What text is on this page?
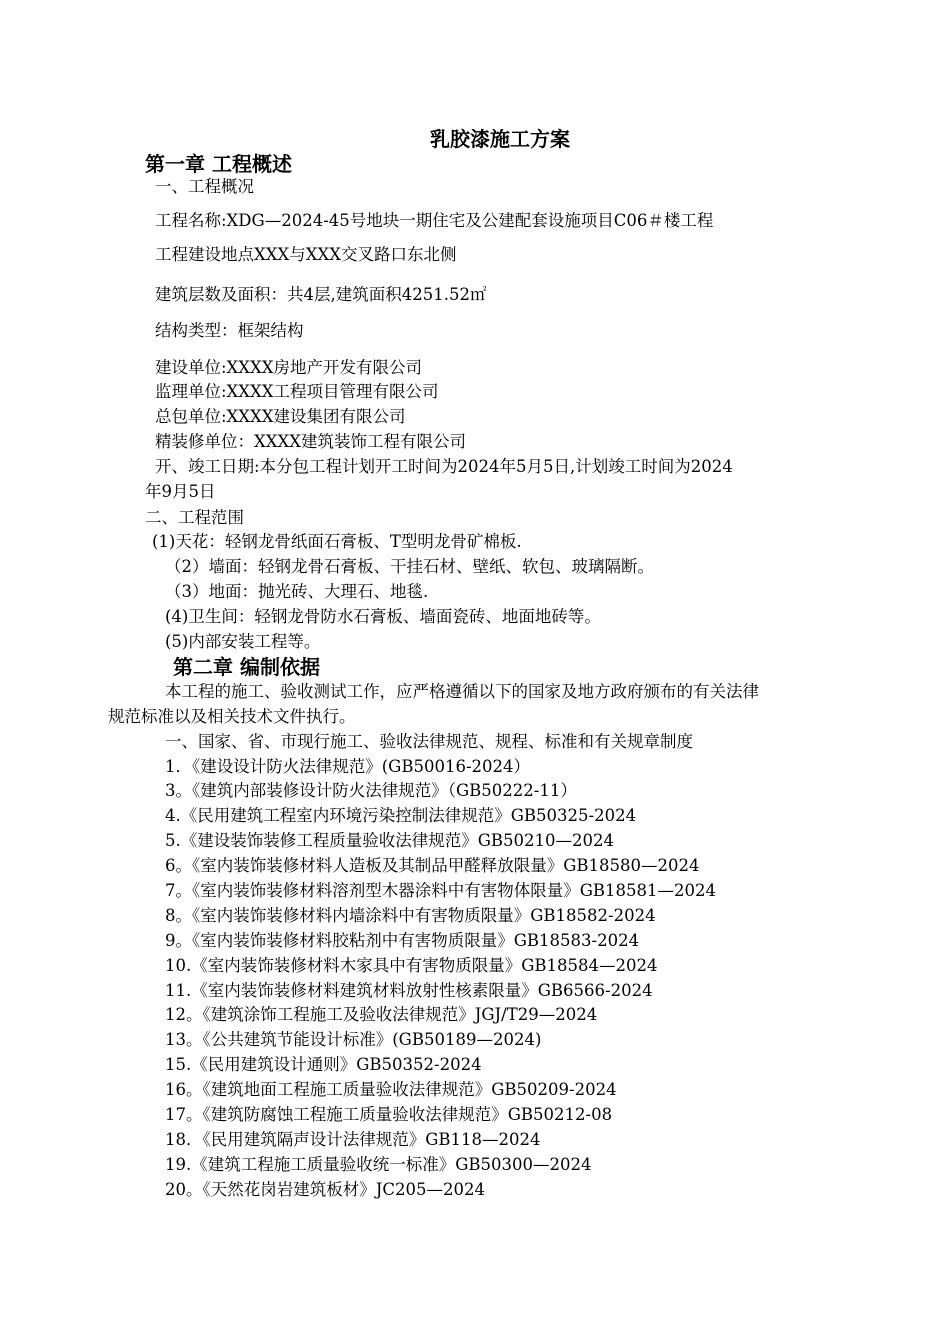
乳胶漆施工方案
第一章 工程概述
一、工程概况
工程名称:XDG—2024-45号地块一期住宅及公建配套设施项目C06＃楼工程
工程建设地点XXX与XXX交叉路口东北侧
建筑层数及面积：共4层,建筑面积4251.52㎡
结构类型：框架结构
建设单位:XXXX房地产开发有限公司
监理单位:XXXX工程项目管理有限公司
总包单位:XXXX建设集团有限公司
精装修单位：XXXX建筑装饰工程有限公司
开、竣工日期:本分包工程计划开工时间为2024年5月5日,计划竣工时间为2024
年9月5日
二、工程范围
(1)天花：轻钢龙骨纸面石膏板、T型明龙骨矿棉板.
（2）墙面：轻钢龙骨石膏板、干挂石材、壁纸、软包、玻璃隔断。
（3）地面：抛光砖、大理石、地毯.
(4)卫生间：轻钢龙骨防水石膏板、墙面瓷砖、地面地砖等。
(5)内部安装工程等。
第二章 编制依据
本工程的施工、验收测试工作，应严格遵循以下的国家及地方政府颁布的有关法律
规范标准以及相关技术文件执行。
一、国家、省、市现行施工、验收法律规范、规程、标准和有关规章制度
1．《建设设计防火法律规范》(GB50016-2024）
3。《建筑内部装修设计防火法律规范》（GB50222-11）
4.《民用建筑工程室内环境污染控制法律规范》GB50325-2024
5.《建设装饰装修工程质量验收法律规范》GB50210—2024
6。《室内装饰装修材料人造板及其制品甲醛释放限量》GB18580—2024
7。《室内装饰装修材料溶剂型木器涂料中有害物体限量》GB18581—2024
8。《室内装饰装修材料内墙涂料中有害物质限量》GB18582-2024
9。《室内装饰装修材料胶粘剂中有害物质限量》GB18583-2024
10.《室内装饰装修材料木家具中有害物质限量》GB18584—2024
11.《室内装饰装修材料建筑材料放射性核素限量》GB6566-2024
12。《建筑涂饰工程施工及验收法律规范》JGJ/T29—2024
13。《公共建筑节能设计标准》(GB50189—2024)
15.《民用建筑设计通则》GB50352-2024
16。《建筑地面工程施工质量验收法律规范》GB50209-2024
17。《建筑防腐蚀工程施工质量验收法律规范》GB50212-08
18．《民用建筑隔声设计法律规范》GB118—2024
19.《建筑工程施工质量验收统一标准》GB50300—2024
20。《天然花岗岩建筑板材》JC205—2024
